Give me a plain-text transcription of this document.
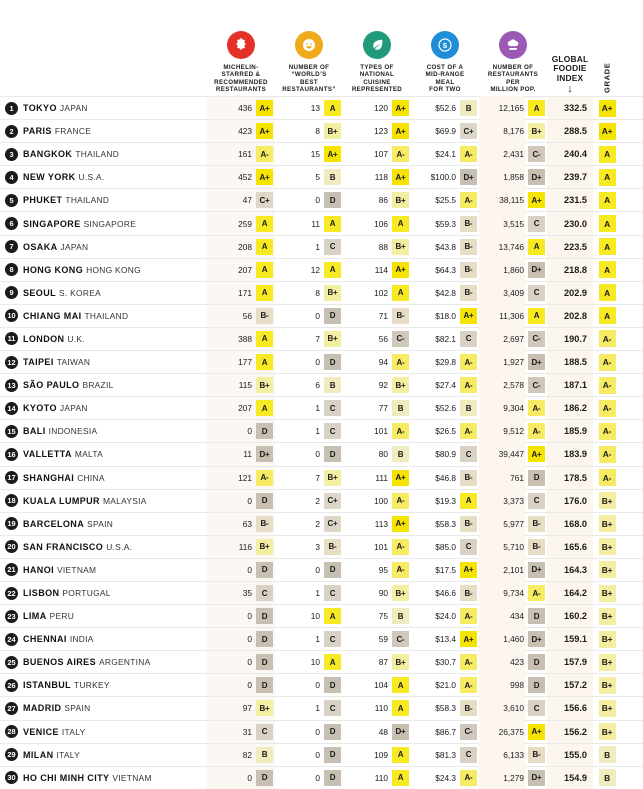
MICHELIN-
STARRED &
RECOMMENDED
RESTAURANTS
NUMBER OF
“WORLD’S
BEST
RESTAURANTS”
TYPES OF
NATIONAL
CUISINE
REPRESENTED
$
COST OF A
MID-RANGE
MEAL
FOR TWO
NUMBER OF
RESTAURANTS
PER
MILLION POP.
GLOBAL
FOODIE
INDEX
↓	GRADE
1	TOKYO JAPAN	436 A+	13	A	120 A+	$52.6	B	12,165	A	332.5	A+
2	PARIS FRANCE	423 A+	8 B+	123 A+	$69.9 C+	8,176 B+	288.5	A+
3	BANGKOK THAILAND	161	A-	15 A+	107	A-	$24.1	A-	2,431	C-	240.4	A
4	NEW YORK U.S.A.	452 A+	5	B	118 A+	$100.0 D+	1,858 D+	239.7	A
5	PHUKET THAILAND	47 C+	0	D	86 B+	$25.5	A-	38,115 A+	231.5	A
6	SINGAPORE SINGAPORE	259	A	11	A	106	A	$59.3	B-	3,515	C	230.0	A
7	OSAKA JAPAN	208	A	1	C	88 B+	$43.8	B-	13,746	A	223.5	A
8	HONG KONG HONG KONG	207	A	12	A	114 A+	$64.3	B-	1,860 D+	218.8	A
9	SEOUL S. KOREA	171	A	8 B+	102	A	$42.8	B-	3,409	C	202.9	A
10 CHIANG MAI THAILAND	56	B-	0	D	71	B-	$18.0 A+	11,306	A	202.8	A
11 LONDON U.K.	388	A	7 B+	56	C-	$82.1	C	2,697	C-	190.7	A-
12 TAIPEI TAIWAN	177	A	0	D	94	A-	$29.8	A-	1,927 D+	188.5	A-
13 SÃO PAULO BRAZIL	115 B+	6	B	92 B+	$27.4	A-	2,578	C-	187.1	A-
14 KYOTO JAPAN	207	A	1	C	77	B	$52.6	B	9,304	A-	186.2	A-
15 BALI INDONESIA	0	D	1	C	101	A-	$26.5	A-	9,512	A-	185.9	A-
16 VALLETTA MALTA	11 D+	0	D	80	B	$80.9	C	39,447 A+	183.9	A-
17 SHANGHAI CHINA	121	A-	7 B+	111 A+	$46.8	B-	761	D	178.5	A-
18 KUALA LUMPUR MALAYSIA	0	D	2 C+	100	A-	$19.3	A	3,373	C	176.0	B+
19 BARCELONA SPAIN	63	B-	2 C+	113 A+	$58.3	B-	5,977	B-	168.0	B+
20 SAN FRANCISCO U.S.A.	116 B+	3	B-	101	A-	$85.0	C	5,710	B-	165.6	B+
21 HANOI VIETNAM	0	D	0	D	95	A-	$17.5 A+	2,101 D+	164.3	B+
22 LISBON PORTUGAL	35	C	1	C	90 B+	$46.6	B-	9,734	A-	164.2	B+
23 LIMA PERU	0	D	10	A	75	B	$24.0	A-	434	D	160.2	B+
24 CHENNAI INDIA	0	D	1	C	59	C-	$13.4 A+	1,460 D+	159.1	B+
25 BUENOS AIRES ARGENTINA	0	D	10	A	87 B+	$30.7	A-	423	D	157.9	B+
26 ISTANBUL TURKEY	0	D	0	D	104	A	$21.0	A-	998	D	157.2	B+
27 MADRID SPAIN	97 B+	1	C	110	A	$58.3	B-	3,610	C	156.6	B+
28 VENICE ITALY	31	C	0	D	48 D+	$86.7	C-	26,375 A+	156.2	B+
29 MILAN ITALY	82	B	0	D	109	A	$81.3	C	6,133	B-	155.0	B
30 HO CHI MINH CITY VIETNAM	0	D	0	D	110	A	$24.3	A-	1,279 D+	154.9	B
